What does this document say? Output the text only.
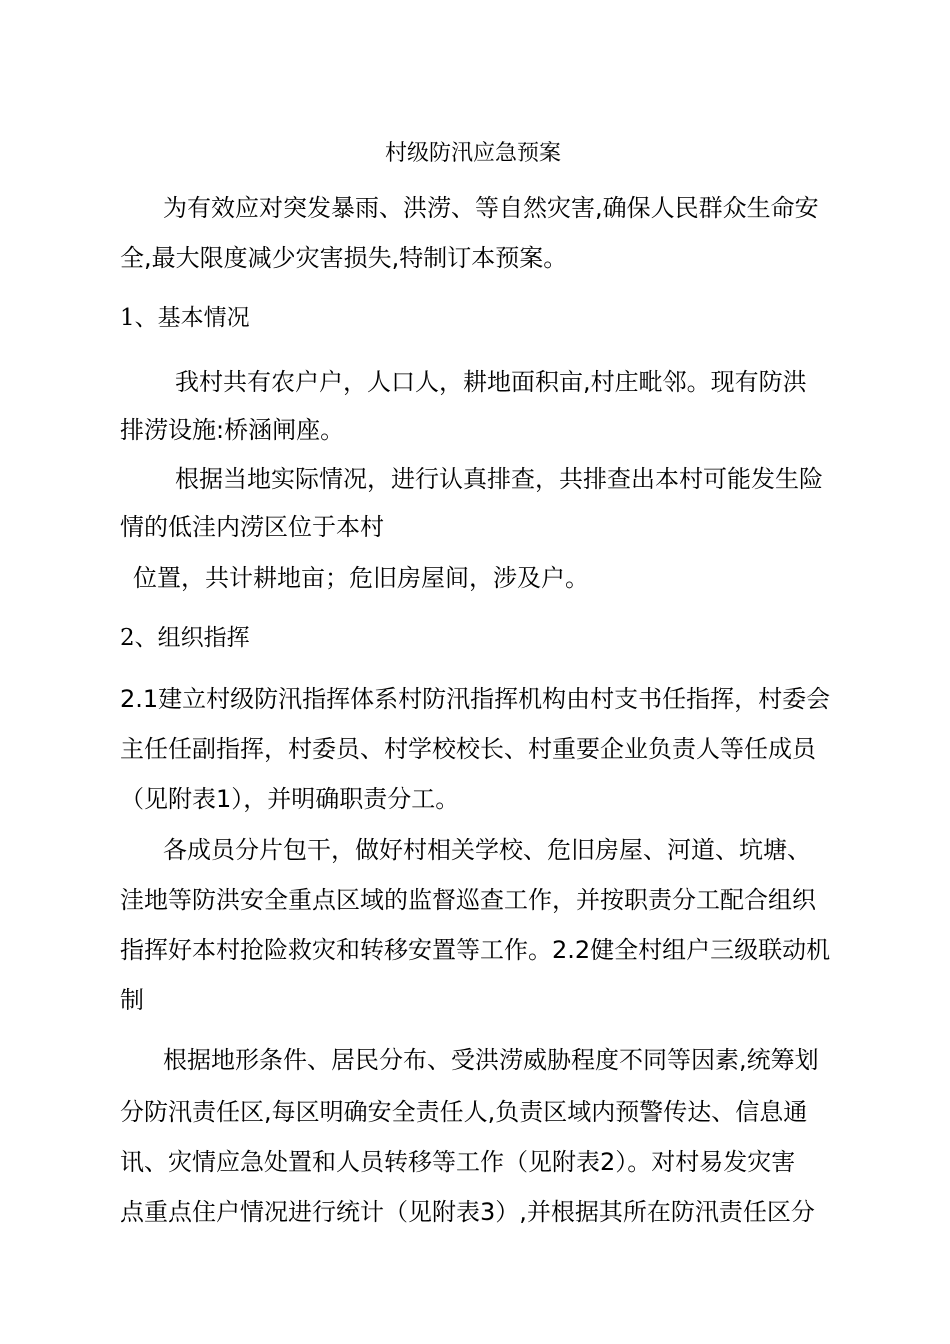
村级防汛应急预案
为有效应对突发暴雨、洪涝、等自然灾害,确保人民群众生命安
全,最大限度减少灾害损失,特制订本预案。
1、基本情况
我村共有农户户，人口人，耕地面积亩,村庄毗邻。现有防洪
排涝设施:桥涵闸座。
根据当地实际情况，进行认真排查，共排查出本村可能发生险
情的低洼内涝区位于本村
位置，共计耕地亩；危旧房屋间，涉及户。
2、组织指挥
2.1建立村级防汛指挥体系村防汛指挥机构由村支书任指挥，村委会
主任任副指挥，村委员、村学校校长、村重要企业负责人等任成员
（见附表1），并明确职责分工。
各成员分片包干，做好村相关学校、危旧房屋、河道、坑塘、
洼地等防洪安全重点区域的监督巡查工作，并按职责分工配合组织
指挥好本村抢险救灾和转移安置等工作。2.2健全村组户三级联动机
制
根据地形条件、居民分布、受洪涝威胁程度不同等因素,统筹划
分防汛责任区,每区明确安全责任人,负责区域内预警传达、信息通
讯、灾情应急处置和人员转移等工作（见附表2）。对村易发灾害
点重点住户情况进行统计（见附表3）,并根据其所在防汛责任区分
